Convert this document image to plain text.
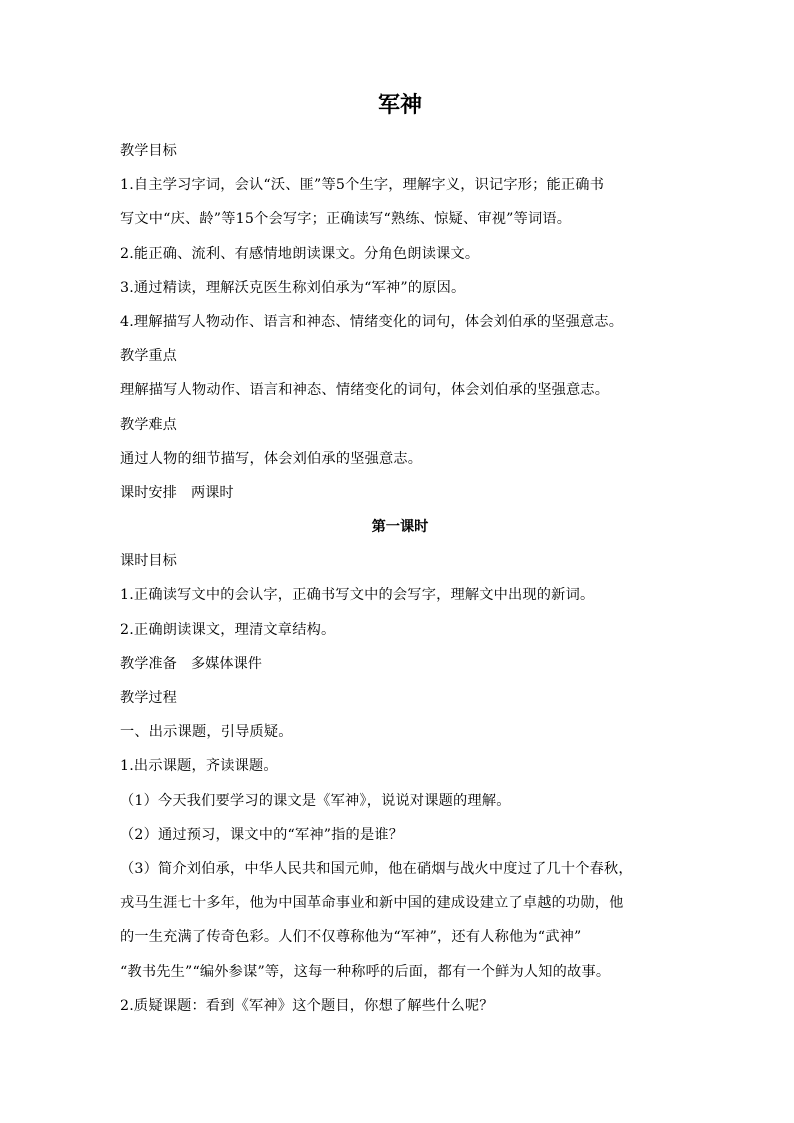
军神

教学目标

1.自主学习字词，会认“沃、匪”等5个生字，理解字义，识记字形；能正确书

写文中“庆、龄”等15个会写字；正确读写“熟练、惊疑、审视”等词语。

2.能正确、流利、有感情地朗读课文。分角色朗读课文。

3.通过精读，理解沃克医生称刘伯承为“军神”的原因。

4.理解描写人物动作、语言和神态、情绪变化的词句，体会刘伯承的坚强意志。

教学重点

理解描写人物动作、语言和神态、情绪变化的词句，体会刘伯承的坚强意志。

教学难点

通过人物的细节描写，体会刘伯承的坚强意志。

课时安排　两课时

第一课时

课时目标

1.正确读写文中的会认字，正确书写文中的会写字，理解文中出现的新词。

2.正确朗读课文，理清文章结构。

教学准备　多媒体课件

教学过程

一、出示课题，引导质疑。

1.出示课题，齐读课题。

（1）今天我们要学习的课文是《军神》，说说对课题的理解。

（2）通过预习，课文中的“军神”指的是谁？

（3）简介刘伯承，中华人民共和国元帅，他在硝烟与战火中度过了几十个春秋，

戎马生涯七十多年，他为中国革命事业和新中国的建成设建立了卓越的功勋，他

的一生充满了传奇色彩。人们不仅尊称他为“军神”，还有人称他为“武神”

“教书先生”“编外参谋”等，这每一种称呼的后面，都有一个鲜为人知的故事。

2.质疑课题：看到《军神》这个题目，你想了解些什么呢？
